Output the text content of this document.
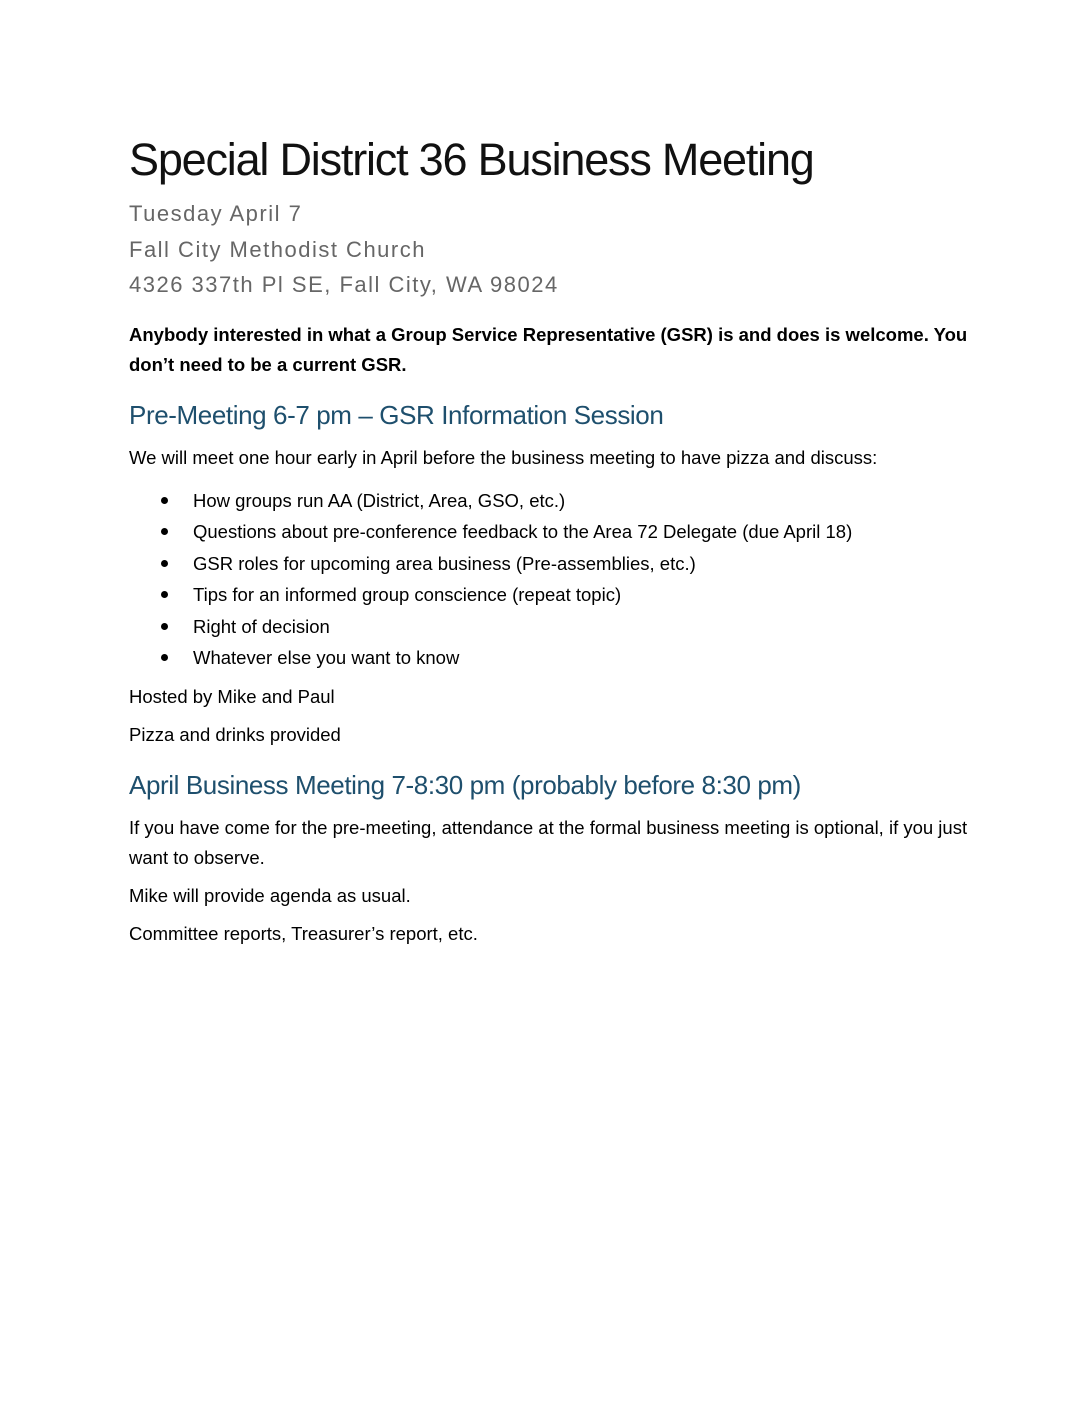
Special District 36 Business Meeting

Tuesday April 7

Fall City Methodist Church

4326 337th Pl SE, Fall City, WA 98024

Anybody interested in what a Group Service Representative (GSR) is and does is welcome. You don’t need to be a current GSR.

Pre-Meeting 6-7 pm – GSR Information Session

We will meet one hour early in April before the business meeting to have pizza and discuss:

How groups run AA (District, Area, GSO, etc.)
Questions about pre-conference feedback to the Area 72 Delegate (due April 18)
GSR roles for upcoming area business (Pre-assemblies, etc.)
Tips for an informed group conscience (repeat topic)
Right of decision
Whatever else you want to know

Hosted by Mike and Paul

Pizza and drinks provided

April Business Meeting 7-8:30 pm (probably before 8:30 pm)

If you have come for the pre-meeting, attendance at the formal business meeting is optional, if you just want to observe.

Mike will provide agenda as usual.

Committee reports, Treasurer’s report, etc.
